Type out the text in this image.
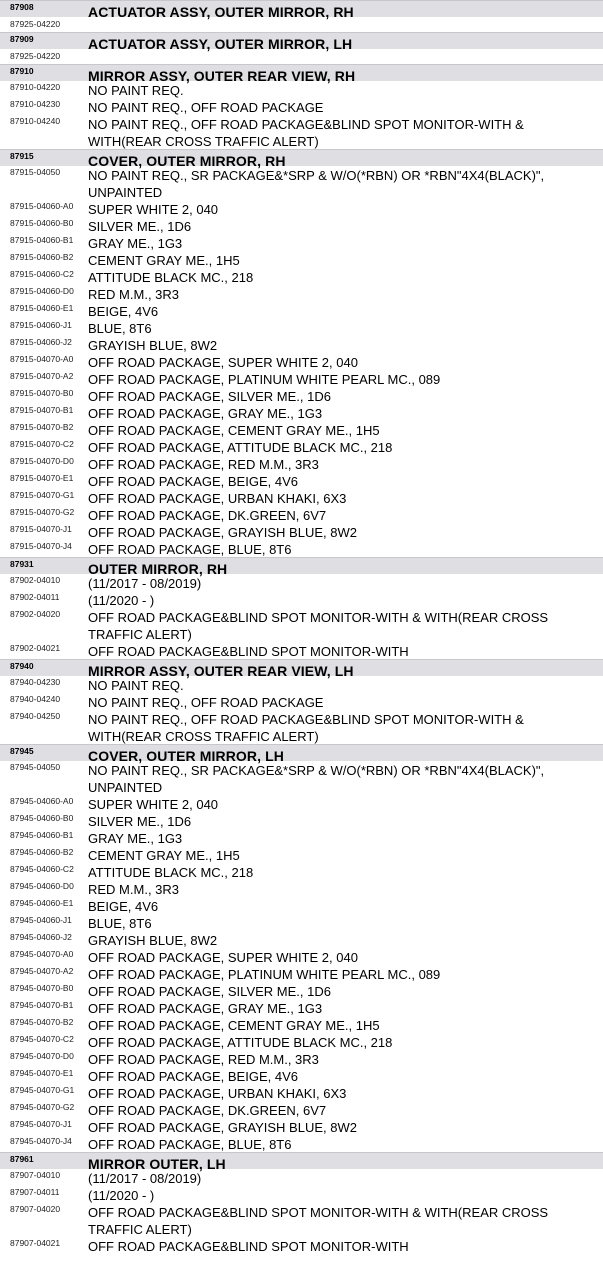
87908	ACTUATOR ASSY, OUTER MIRROR, RH
87925-04220
87909	ACTUATOR ASSY, OUTER MIRROR, LH
87925-04220
87910	MIRROR ASSY, OUTER REAR VIEW, RH
87910-04220 NO PAINT REQ.
87910-04230 NO PAINT REQ., OFF ROAD PACKAGE
87910-04240 NO PAINT REQ., OFF ROAD PACKAGE&BLIND SPOT MONITOR-WITH & WITH(REAR CROSS TRAFFIC ALERT)
87915	COVER, OUTER MIRROR, RH
87915-04050 NO PAINT REQ., SR PACKAGE&*SRP & W/O(*RBN) OR *RBN"4X4(BLACK)", UNPAINTED
87915-04060-A0 SUPER WHITE 2, 040
87915-04060-B0 SILVER ME., 1D6
87915-04060-B1 GRAY ME., 1G3
87915-04060-B2 CEMENT GRAY ME., 1H5
87915-04060-C2 ATTITUDE BLACK MC., 218
87915-04060-D0 RED M.M., 3R3
87915-04060-E1 BEIGE, 4V6
87915-04060-J1 BLUE, 8T6
87915-04060-J2 GRAYISH BLUE, 8W2
87915-04070-A0 OFF ROAD PACKAGE, SUPER WHITE 2, 040
87915-04070-A2 OFF ROAD PACKAGE, PLATINUM WHITE PEARL MC., 089
87915-04070-B0 OFF ROAD PACKAGE, SILVER ME., 1D6
87915-04070-B1 OFF ROAD PACKAGE, GRAY ME., 1G3
87915-04070-B2 OFF ROAD PACKAGE, CEMENT GRAY ME., 1H5
87915-04070-C2 OFF ROAD PACKAGE, ATTITUDE BLACK MC., 218
87915-04070-D0 OFF ROAD PACKAGE, RED M.M., 3R3
87915-04070-E1 OFF ROAD PACKAGE, BEIGE, 4V6
87915-04070-G1 OFF ROAD PACKAGE, URBAN KHAKI, 6X3
87915-04070-G2 OFF ROAD PACKAGE, DK.GREEN, 6V7
87915-04070-J1 OFF ROAD PACKAGE, GRAYISH BLUE, 8W2
87915-04070-J4 OFF ROAD PACKAGE, BLUE, 8T6
87931	OUTER MIRROR, RH
87902-04010 (11/2017 - 08/2019)
87902-04011 (11/2020 - )
87902-04020 OFF ROAD PACKAGE&BLIND SPOT MONITOR-WITH & WITH(REAR CROSS TRAFFIC ALERT)
87902-04021 OFF ROAD PACKAGE&BLIND SPOT MONITOR-WITH
87940	MIRROR ASSY, OUTER REAR VIEW, LH
87940-04230 NO PAINT REQ.
87940-04240 NO PAINT REQ., OFF ROAD PACKAGE
87940-04250 NO PAINT REQ., OFF ROAD PACKAGE&BLIND SPOT MONITOR-WITH & WITH(REAR CROSS TRAFFIC ALERT)
87945	COVER, OUTER MIRROR, LH
87945-04050 NO PAINT REQ., SR PACKAGE&*SRP & W/O(*RBN) OR *RBN"4X4(BLACK)", UNPAINTED
87945-04060-A0 SUPER WHITE 2, 040
87945-04060-B0 SILVER ME., 1D6
87945-04060-B1 GRAY ME., 1G3
87945-04060-B2 CEMENT GRAY ME., 1H5
87945-04060-C2 ATTITUDE BLACK MC., 218
87945-04060-D0 RED M.M., 3R3
87945-04060-E1 BEIGE, 4V6
87945-04060-J1 BLUE, 8T6
87945-04060-J2 GRAYISH BLUE, 8W2
87945-04070-A0 OFF ROAD PACKAGE, SUPER WHITE 2, 040
87945-04070-A2 OFF ROAD PACKAGE, PLATINUM WHITE PEARL MC., 089
87945-04070-B0 OFF ROAD PACKAGE, SILVER ME., 1D6
87945-04070-B1 OFF ROAD PACKAGE, GRAY ME., 1G3
87945-04070-B2 OFF ROAD PACKAGE, CEMENT GRAY ME., 1H5
87945-04070-C2 OFF ROAD PACKAGE, ATTITUDE BLACK MC., 218
87945-04070-D0 OFF ROAD PACKAGE, RED M.M., 3R3
87945-04070-E1 OFF ROAD PACKAGE, BEIGE, 4V6
87945-04070-G1 OFF ROAD PACKAGE, URBAN KHAKI, 6X3
87945-04070-G2 OFF ROAD PACKAGE, DK.GREEN, 6V7
87945-04070-J1 OFF ROAD PACKAGE, GRAYISH BLUE, 8W2
87945-04070-J4 OFF ROAD PACKAGE, BLUE, 8T6
87961	MIRROR OUTER, LH
87907-04010 (11/2017 - 08/2019)
87907-04011 (11/2020 - )
87907-04020 OFF ROAD PACKAGE&BLIND SPOT MONITOR-WITH & WITH(REAR CROSS TRAFFIC ALERT)
87907-04021 OFF ROAD PACKAGE&BLIND SPOT MONITOR-WITH
